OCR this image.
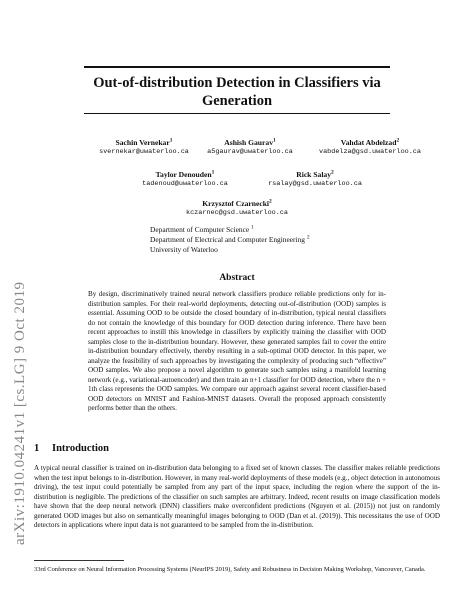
arXiv:1910.04241v1 [cs.LG] 9 Oct 2019
Out-of-distribution Detection in Classifiers via
Generation
Sachin Vernekar$^1$
svernekar@uwaterloo.ca
Ashish Gaurav$^1$
a5gaurav@uwaterloo.ca
Vahdat Abdelzad$^2$
vabdelza@gsd.uwaterloo.ca
Taylor Denouden$^1$
tadenoud@uwaterloo.ca
Rick Salay$^2$
rsalay@gsd.uwaterloo.ca
Krzysztof Czarnecki$^2$
kczarnec@gsd.uwaterloo.ca
Department of Computer Science $^1$
Department of Electrical and Computer Engineering $^2$
University of Waterloo
Abstract
By design, discriminatively trained neural network classifiers produce reliable predictions only for in-distribution samples. For their real-world deployments, detecting out-of-distribution (OOD) samples is essential. Assuming OOD to be outside the closed boundary of in-distribution, typical neural classifiers do not contain the knowledge of this boundary for OOD detection during inference. There have been recent approaches to instill this knowledge in classifiers by explicitly training the classifier with OOD samples close to the in-distribution boundary. However, these generated samples fail to cover the entire in-distribution boundary effectively, thereby resulting in a sub-optimal OOD detector. In this paper, we analyze the feasibility of such approaches by investigating the complexity of producing such “effective” OOD samples. We also propose a novel algorithm to generate such samples using a manifold learning network (e.g., variational-autoencoder) and then train an n+1 classifier for OOD detection, where the n + 1th class represents the OOD samples. We compare our approach against several recent classifier-based OOD detectors on MNIST and Fashion-MNIST datasets. Overall the proposed approach consistently performs better than the others.
1 Introduction
A typical neural classifier is trained on in-distribution data belonging to a fixed set of known classes. The classifier makes reliable predictions when the test input belongs to in-distribution. However, in many real-world deployments of these models (e.g., object detection in autonomous driving), the test input could potentially be sampled from any part of the input space, including the region where the support of the in-distribution is negligible. The predictions of the classifier on such samples are arbitrary. Indeed, recent results on image classification models have shown that the deep neural network (DNN) classifiers make overconfident predictions (Nguyen et al. (2015)) not just on randomly generated OOD images but also on semantically meaningful images belonging to OOD (Dan et al. (2019)). This necessitates the use of OOD detectors in applications where input data is not guaranteed to be sampled from the in-distribution.
33rd Conference on Neural Information Processing Systems (NeurIPS 2019), Safety and Robustness in Decision Making Workshop, Vancouver, Canada.
